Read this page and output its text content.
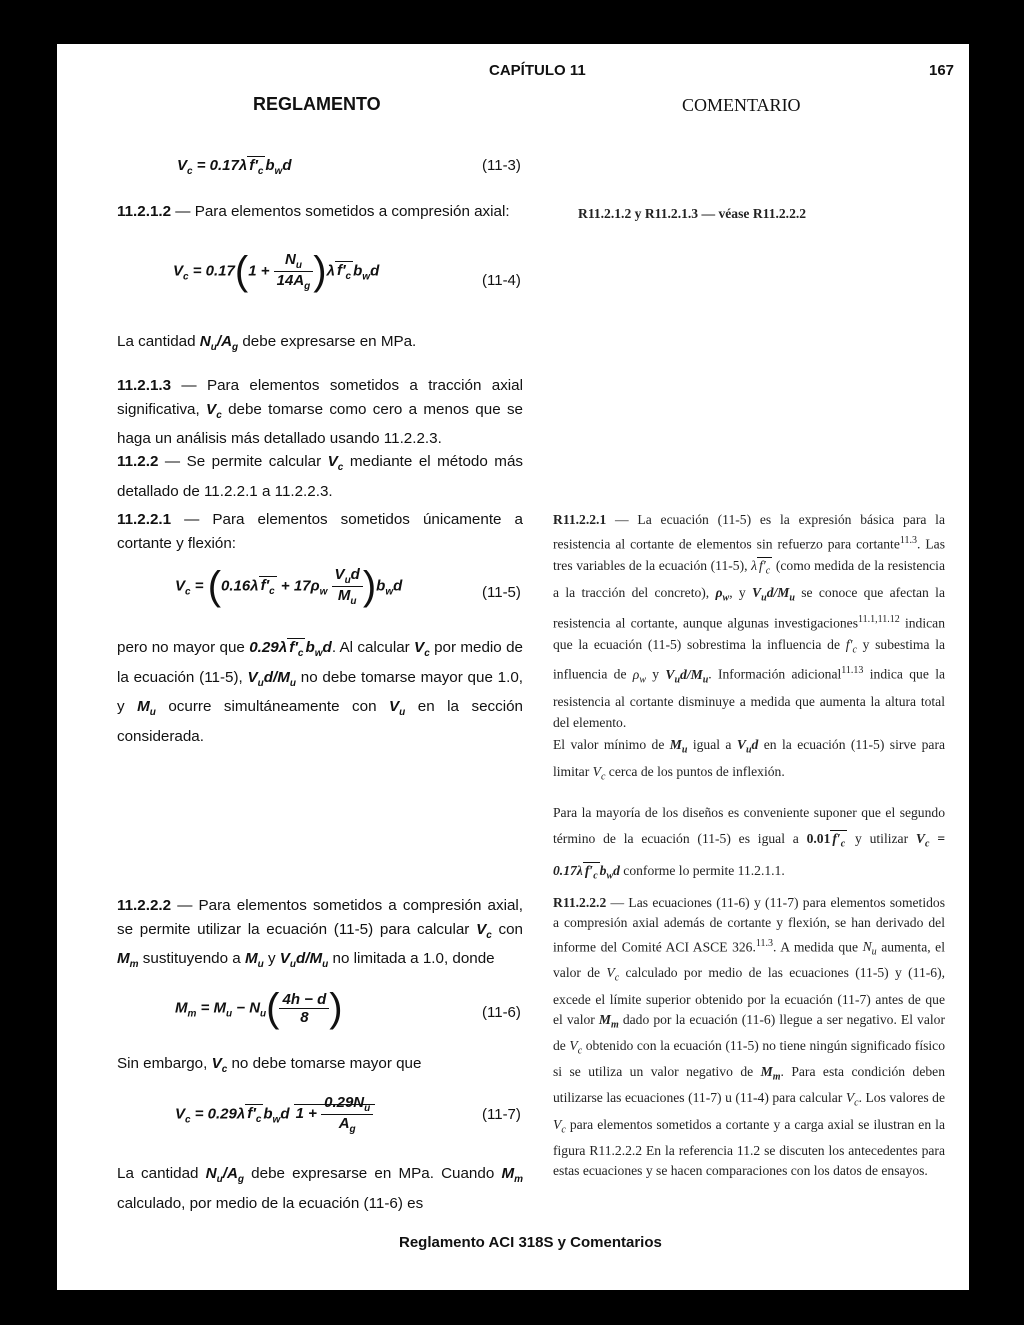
CAPÍTULO 11	167
REGLAMENTO	COMENTARIO
$V_c = 0.17\lambda$ $f'_c$ $b_wd$	(11-3)
11.2.1.2 — Para elementos sometidos a compresión axial:
$V_c = 0.17(1 + \frac{N_u}{14A_g} )\lambda$ $f'_c$ $b_wd$
(11-4)
La cantidad $N_u/A_g$ debe expresarse en MPa.
11.2.1.3 — Para elementos sometidos a tracción axial significativa, $V_c$ debe tomarse como cero a menos que se haga un análisis más detallado usando 11.2.2.3.
11.2.2 — Se permite calcular $V_c$ mediante el método más detallado de 11.2.2.1 a 11.2.2.3.
11.2.2.1 — Para elementos sometidos únicamente a cortante y flexión:
$V_c = (0.16\lambda$ $f'_c + 17\rho_w \frac{V_ud}{M_u} )b_wd$	(11-5)
pero no mayor que 0.29λ $f'_c$ $b_wd$. Al calcular $V_c$ por medio de la ecuación (11-5), $V_ud/M_u$ no debe tomarse mayor que 1.0, y $M_u$ ocurre simultáneamente con $V_u$ en la sección considerada.
11.2.2.2 — Para elementos sometidos a compresión axial, se permite utilizar la ecuación (11-5) para calcular $V_c$ con $M_m$ sustituyendo a $M_u$ y $V_ud/M_u$ no limitada a 1.0, donde
$M_m = M_u - N_u( \frac{4h - d}{8}$ )	(11-6)
Sin embargo, $V_c$ no debe tomarse mayor que
$V_c = 0.29\lambda$ $f'_c$ $b_wd$ $1 + \frac{0.29N_u}{A_g}$	(11-7)
La cantidad $N_u/A_g$ debe expresarse en MPa. Cuando $M_m$ calculado, por medio de la ecuación (11-6) es
R11.2.1.2 y R11.2.1.3 — véase R11.2.2.2
R11.2.2.1 — La ecuación (11-5) es la expresión básica para la resistencia al cortante de elementos sin refuerzo para cortante$^{11.3}$. Las tres variables de la ecuación (11-5), λ $f'_c$ (como medida de la resistencia a la tracción del concreto), $\rho_w$, y $V_ud/M_u$ se conoce que afectan la resistencia al cortante, aunque algunas investigaciones$^{11.1,11.12}$ indican que la ecuación (11-5) sobrestima la influencia de $f'_c$ y subestima la influencia de $\rho_w$ y $V_ud/M_u$. Información adicional$^{11.13}$ indica que la resistencia al cortante disminuye a medida que aumenta la altura total del elemento.
El valor mínimo de $M_u$ igual a $V_ud$ en la ecuación (11-5) sirve para limitar $V_c$ cerca de los puntos de inflexión.
Para la mayoría de los diseños es conveniente suponer que el segundo término de la ecuación (11-5) es igual a 0.01 $f'_c$ y utilizar $V_c = 0.17\lambda$ $f'_c$ $b_wd$ conforme lo permite 11.2.1.1.
R11.2.2.2 — Las ecuaciones (11-6) y (11-7) para elementos sometidos a compresión axial además de cortante y flexión, se han derivado del informe del Comité ACI ASCE 326.$^{11.3}$. A medida que $N_u$ aumenta, el valor de $V_c$ calculado por medio de las ecuaciones (11-5) y (11-6), excede el límite superior obtenido por la ecuación (11-7) antes de que el valor $M_m$ dado por la ecuación (11-6) llegue a ser negativo. El valor de $V_c$ obtenido con la ecuación (11-5) no tiene ningún significado físico si se utiliza un valor negativo de $M_m$. Para esta condición deben utilizarse las ecuaciones (11-7) u (11-4) para calcular $V_c$. Los valores de $V_c$ para elementos sometidos a cortante y a carga axial se ilustran en la figura R11.2.2.2 En la referencia 11.2 se discuten los antecedentes para estas ecuaciones y se hacen comparaciones con los datos de ensayos.
Reglamento ACI 318S y Comentarios
